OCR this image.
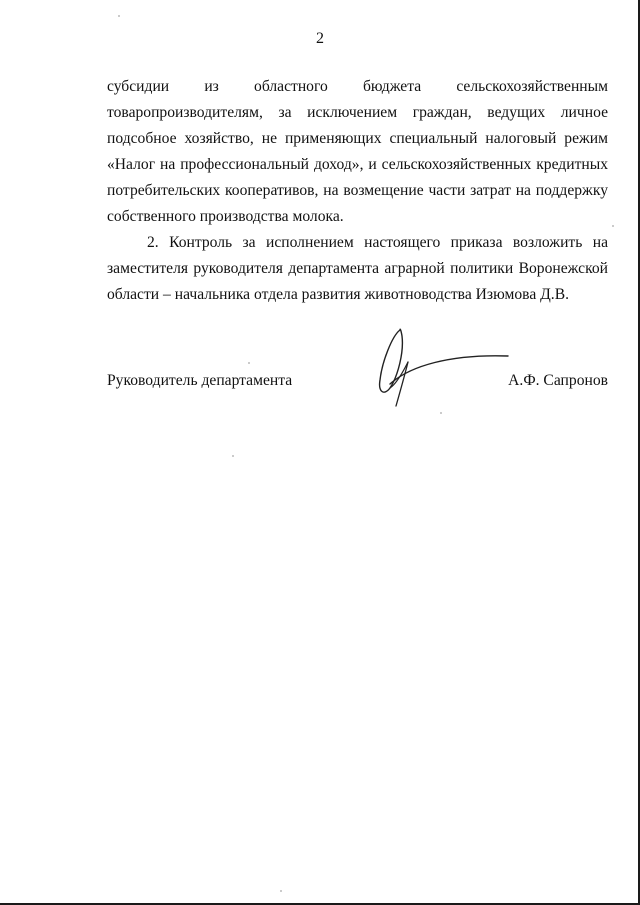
2

субсидии из областного бюджета сельскохозяйственным товаропроизводителям, за исключением граждан, ведущих личное подсобное хозяйство, не применяющих специальный налоговый режим «Налог на профессиональный доход», и сельскохозяйственных кредитных потребительских кооперативов, на возмещение части затрат на поддержку собственного производства молока.

2. Контроль за исполнением настоящего приказа возложить на заместителя руководителя департамента аграрной политики Воронежской области – начальника отдела развития животноводства Изюмова Д.В.

Руководитель департамента	А.Ф. Сапронов
